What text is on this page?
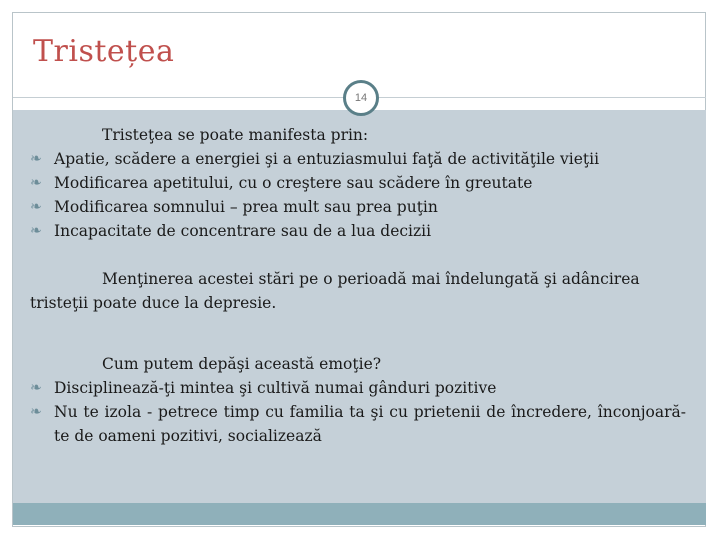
Tristețea
14
Tristeţea se poate manifesta prin:
❧ Apatie, scădere a energiei şi a entuziasmului faţă de activităţile vieţii
❧ Modificarea apetitului, cu o creştere sau scădere în greutate
❧ Modificarea somnului – prea mult sau prea puţin
❧ Incapacitate de concentrare sau de a lua decizii
Menţinerea acestei stări pe o perioadă mai îndelungată şi adâncirea tristeţii poate duce la depresie.
Cum putem depăşi această emoţie?
❧ Disciplinează-ţi mintea şi cultivă numai gânduri pozitive
❧ Nu te izola - petrece timp cu familia ta şi cu prietenii de încredere, înconjoară-te de oameni pozitivi, socializează
